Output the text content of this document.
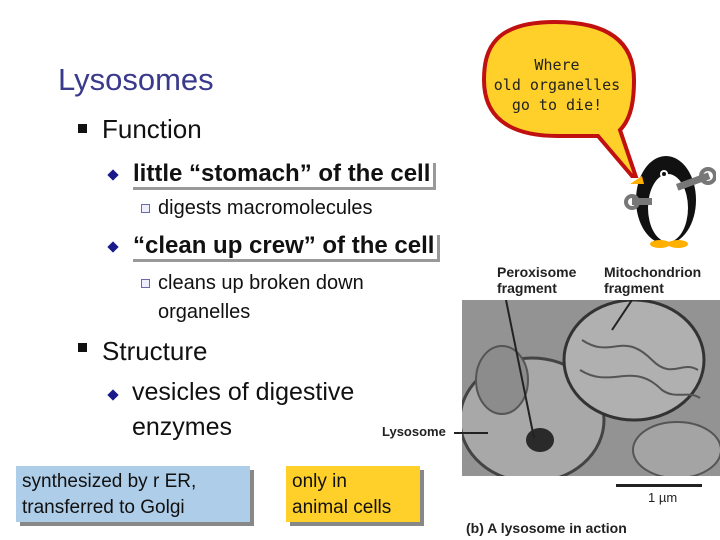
Lysosomes
Function
little “stomach” of the cell
digests macromolecules
“clean up crew” of the cell
cleans up broken down
organelles
Structure
vesicles of digestive
enzymes
synthesized by r ER,
transferred to Golgi
only in
animal cells
Where
old organelles
go to die!
Peroxisome
fragment
Mitochondrion
fragment
Lysosome
1 µm
(b) A lysosome in action
